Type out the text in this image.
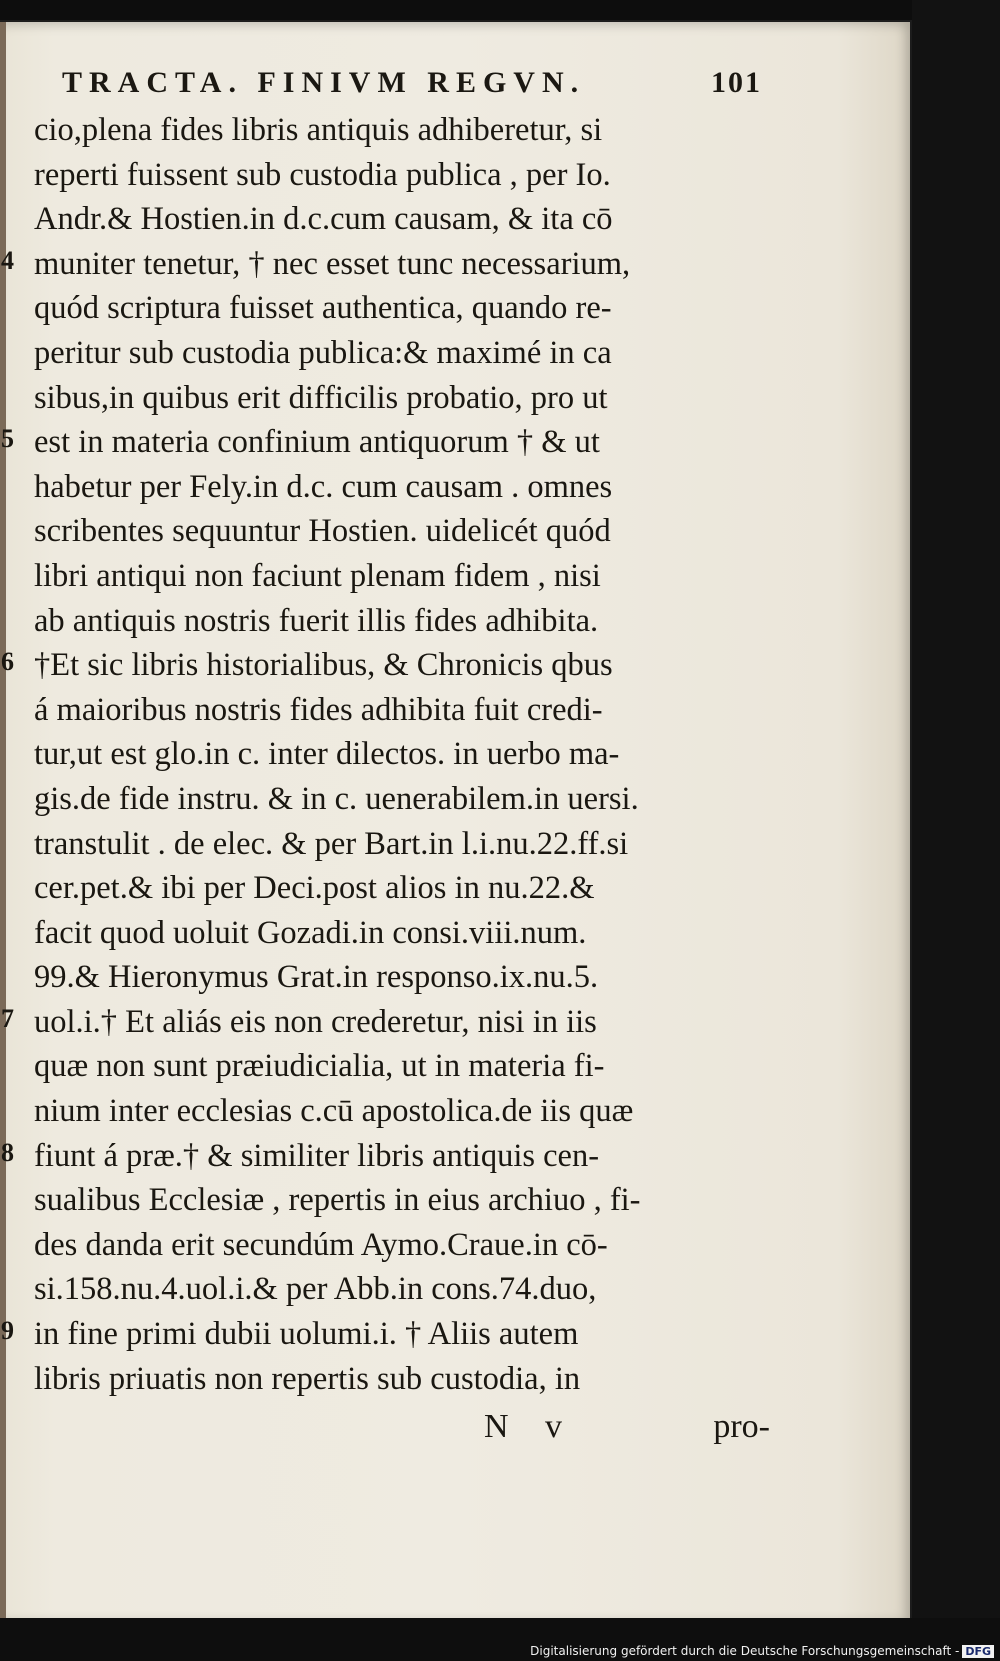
TRACTA. FINIVM REGVN.	101
4
5
6
7
8
9
cio,plena fides libris antiquis adhiberetur, si
reperti fuissent sub custodia publica , per Io.
Andr.& Hostien.in d.c.cum causam, & ita cō
muniter tenetur, † nec esset tunc necessarium,
quód scriptura fuisset authentica, quando re-
peritur sub custodia publica:& maximé in ca
sibus,in quibus erit difficilis probatio, pro ut
est in materia confinium antiquorum † & ut
habetur per Fely.in d.c. cum causam . omnes
scribentes sequuntur Hostien. uidelicét quód
libri antiqui non faciunt plenam fidem , nisi
ab antiquis nostris fuerit illis fides adhibita.
†Et sic libris historialibus, & Chronicis qbus
á maioribus nostris fides adhibita fuit credi-
tur,ut est glo.in c. inter dilectos. in uerbo ma-
gis.de fide instru. & in c. uenerabilem.in uersi.
transtulit . de elec. & per Bart.in l.i.nu.22.ff.si
cer.pet.& ibi per Deci.post alios in nu.22.&
facit quod uoluit Gozadi.in consi.viii.num.
99.& Hieronymus Grat.in responso.ix.nu.5.
uol.i.† Et aliás eis non crederetur, nisi in iis
quæ non sunt præiudicialia, ut in materia fi-
nium inter ecclesias c.cū apostolica.de iis quæ
fiunt á præ.† & similiter libris antiquis cen-
sualibus Ecclesiæ , repertis in eius archiuo , fi-
des danda erit secundúm Aymo.Craue.in cō-
si.158.nu.4.uol.i.& per Abb.in cons.74.duo,
in fine primi dubii uolumi.i. † Aliis autem
libris priuatis non repertis sub custodia, in
N v	pro-
Digitalisierung gefördert durch die Deutsche Forschungsgemeinschaft - DFG
